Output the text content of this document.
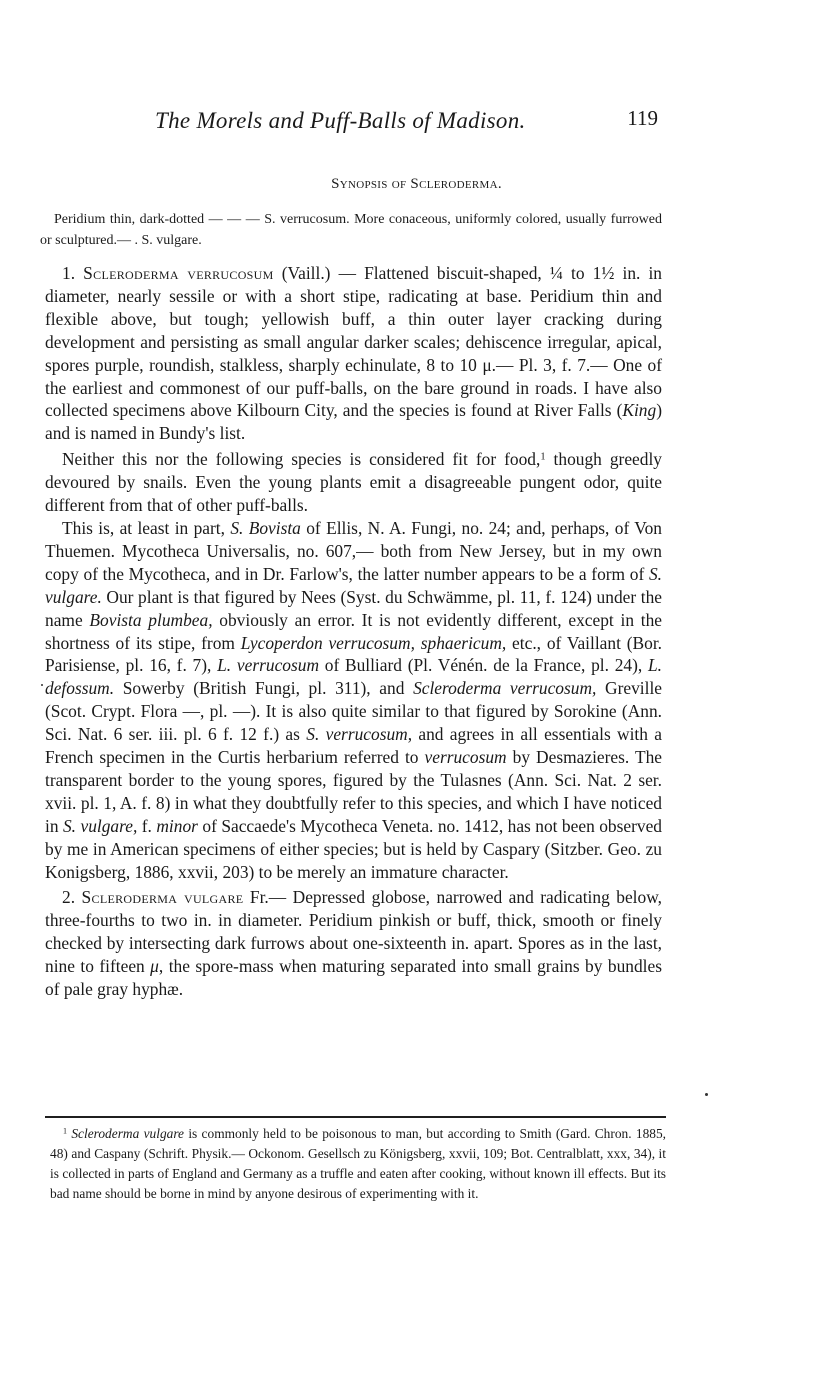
The Morels and Puff-Balls of Madison.	119
Synopsis of Scleroderma.
Peridium thin, dark-dotted — — — S. verrucosum. More conaceous, uniformly colored, usually furrowed or sculptured.— . S. vulgare.

1. Scleroderma verrucosum (Vaill.) — Flattened biscuit-shaped, ¼ to 1½ in. in diameter, nearly sessile or with a short stipe, radicating at base. Peridium thin and flexible above, but tough; yellowish buff, a thin outer layer cracking during development and persisting as small angular darker scales; dehiscence irregular, apical, spores purple, roundish, stalkless, sharply echinulate, 8 to 10 μ.— Pl. 3, f. 7.— One of the earliest and commonest of our puff-balls, on the bare ground in roads. I have also collected specimens above Kilbourn City, and the species is found at River Falls (King) and is named in Bundy's list.

Neither this nor the following species is considered fit for food,$^1$ though greedly devoured by snails. Even the young plants emit a disagreeable pungent odor, quite different from that of other puff-balls.

This is, at least in part, S. Bovista of Ellis, N. A. Fungi, no. 24; and, perhaps, of Von Thuemen. Mycotheca Universalis, no. 607,— both from New Jersey, but in my own copy of the Mycotheca, and in Dr. Farlow's, the latter number appears to be a form of S. vulgare. Our plant is that figured by Nees (Syst. du Schwämme, pl. 11, f. 124) under the name Bovista plumbea, obviously an error. It is not evidently different, except in the shortness of its stipe, from Lycoperdon verrucosum, sphaericum, etc., of Vaillant (Bor. Parisiense, pl. 16, f. 7), L. verrucosum of Bulliard (Pl. Vénén. de la France, pl. 24), L. defossum. Sowerby (British Fungi, pl. 311), and Scleroderma verrucosum, Greville (Scot. Crypt. Flora —, pl. —). It is also quite similar to that figured by Sorokine (Ann. Sci. Nat. 6 ser. iii. pl. 6 f. 12 f.) as S. verrucosum, and agrees in all essentials with a French specimen in the Curtis herbarium referred to verrucosum by Desmazieres. The transparent border to the young spores, figured by the Tulasnes (Ann. Sci. Nat. 2 ser. xvii. pl. 1, A. f. 8) in what they doubtfully refer to this species, and which I have noticed in S. vulgare, f. minor of Saccaede's Mycotheca Veneta. no. 1412, has not been observed by me in American specimens of either species; but is held by Caspary (Sitzber. Geo. zu Konigsberg, 1886, xxvii, 203) to be merely an immature character.

2. Scleroderma vulgare Fr.— Depressed globose, narrowed and radicating below, three-fourths to two in. in diameter. Peridium pinkish or buff, thick, smooth or finely checked by intersecting dark furrows about one-sixteenth in. apart. Spores as in the last, nine to fifteen μ, the spore-mass when maturing separated into small grains by bundles of pale gray hyphæ.

$^1$ Scleroderma vulgare is commonly held to be poisonous to man, but according to Smith (Gard. Chron. 1885, 48) and Caspany (Schrift. Physik.— Ockonom. Gesellsch zu Königsberg, xxvii, 109; Bot. Centralblatt, xxx, 34), it is collected in parts of England and Germany as a truffle and eaten after cooking, without known ill effects. But its bad name should be borne in mind by anyone desirous of experimenting with it.
